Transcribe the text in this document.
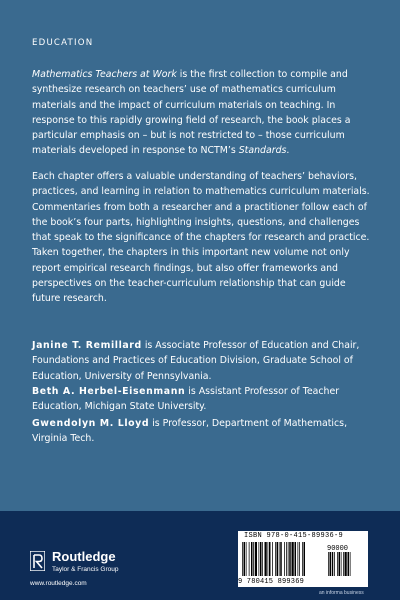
EDUCATION

Mathematics Teachers at Work is the first collection to compile and synthesize research on teachers’ use of mathematics curriculum materials and the impact of curriculum materials on teaching. In response to this rapidly growing field of research, the book places a particular emphasis on – but is not restricted to – those curriculum materials developed in response to NCTM’s Standards.

Each chapter offers a valuable understanding of teachers’ behaviors, practices, and learning in relation to mathematics curriculum materials. Commentaries from both a researcher and a practitioner follow each of the book’s four parts, highlighting insights, questions, and challenges that speak to the significance of the chapters for research and practice. Taken together, the chapters in this important new volume not only report empirical research findings, but also offer frameworks and perspectives on the teacher-curriculum relationship that can guide future research.

Janine T. Remillard is Associate Professor of Education and Chair, Foundations and Practices of Education Division, Graduate School of Education, University of Pennsylvania.

Beth A. Herbel-Eisenmann is Assistant Professor of Teacher Education, Michigan State University.

Gwendolyn M. Lloyd is Professor, Department of Mathematics, Virginia Tech.

Routledge
Taylor & Francis Group
www.routledge.com
ISBN 978-0-415-89936-9
90000
9 780415 899369
an informa business
